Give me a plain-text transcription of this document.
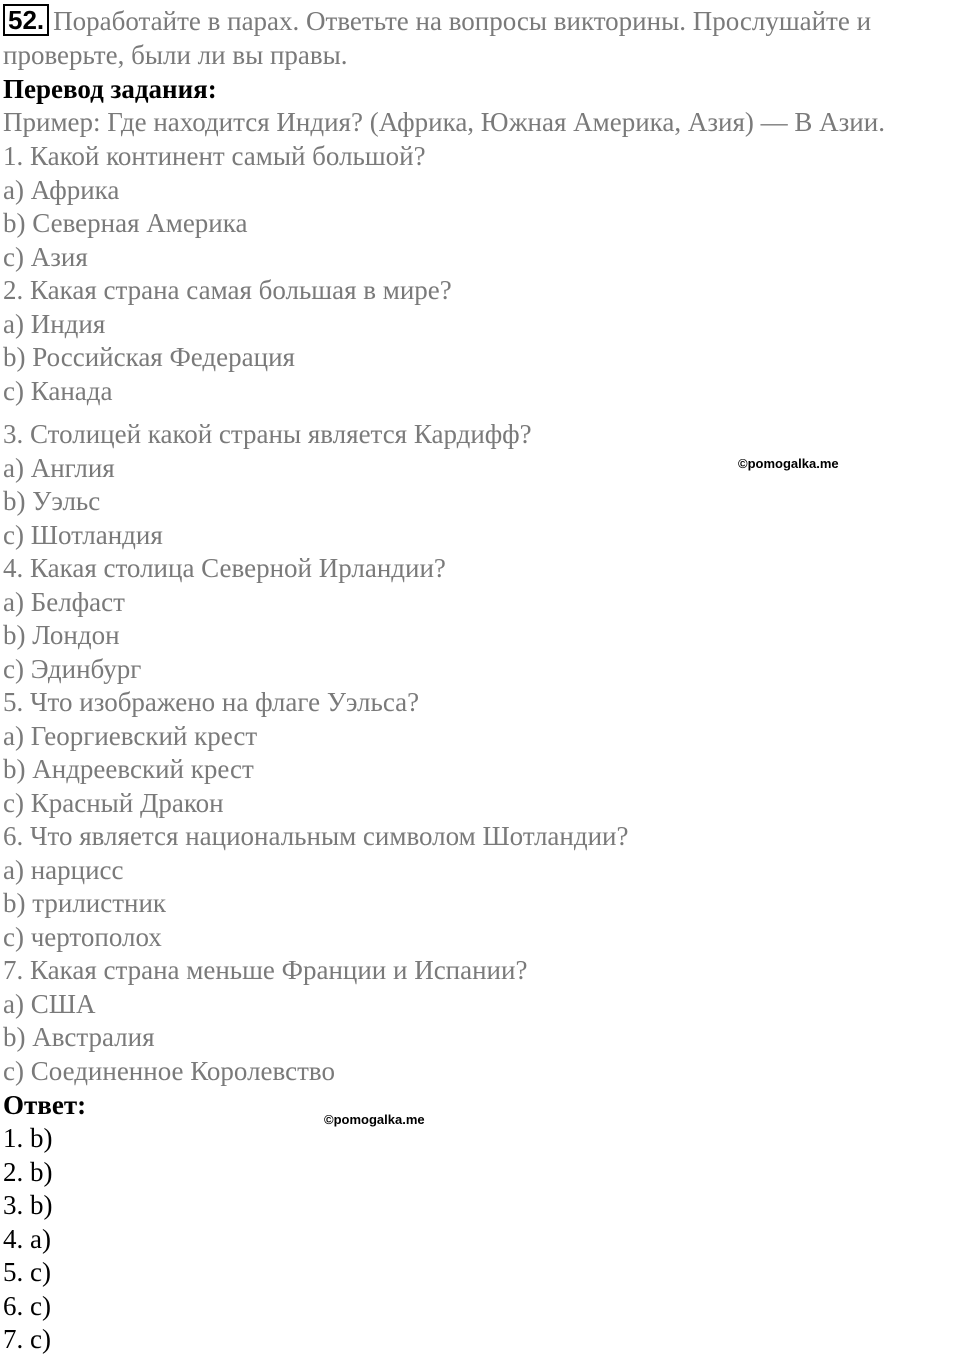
52. Поработайте в парах. Ответьте на вопросы викторины. Прослушайте и проверьте, были ли вы правы.

Перевод задания:

Пример: Где находится Индия? (Африка, Южная Америка, Азия) — В Азии.
1. Какой континент самый большой?
a) Африка
b) Северная Америка
c) Азия
2. Какая страна самая большая в мире?
a) Индия
b) Российская Федерация
c) Канада
3. Столицей какой страны является Кардифф?
a) Англия
b) Уэльс
c) Шотландия
4. Какая столица Северной Ирландии?
a) Белфаст
b) Лондон
c) Эдинбург
5. Что изображено на флаге Уэльса?
a) Георгиевский крест
b) Андреевский крест
c) Красный Дракон
6. Что является национальным символом Шотландии?
a) нарцисс
b) трилистник
c) чертополох
7. Какая страна меньше Франции и Испании?
a) США
b) Австралия
c) Соединенное Королевство

Ответ:

1. b)
2. b)
3. b)
4. a)
5. c)
6. c)
7. c)
©pomogalka.me
©pomogalka.me
